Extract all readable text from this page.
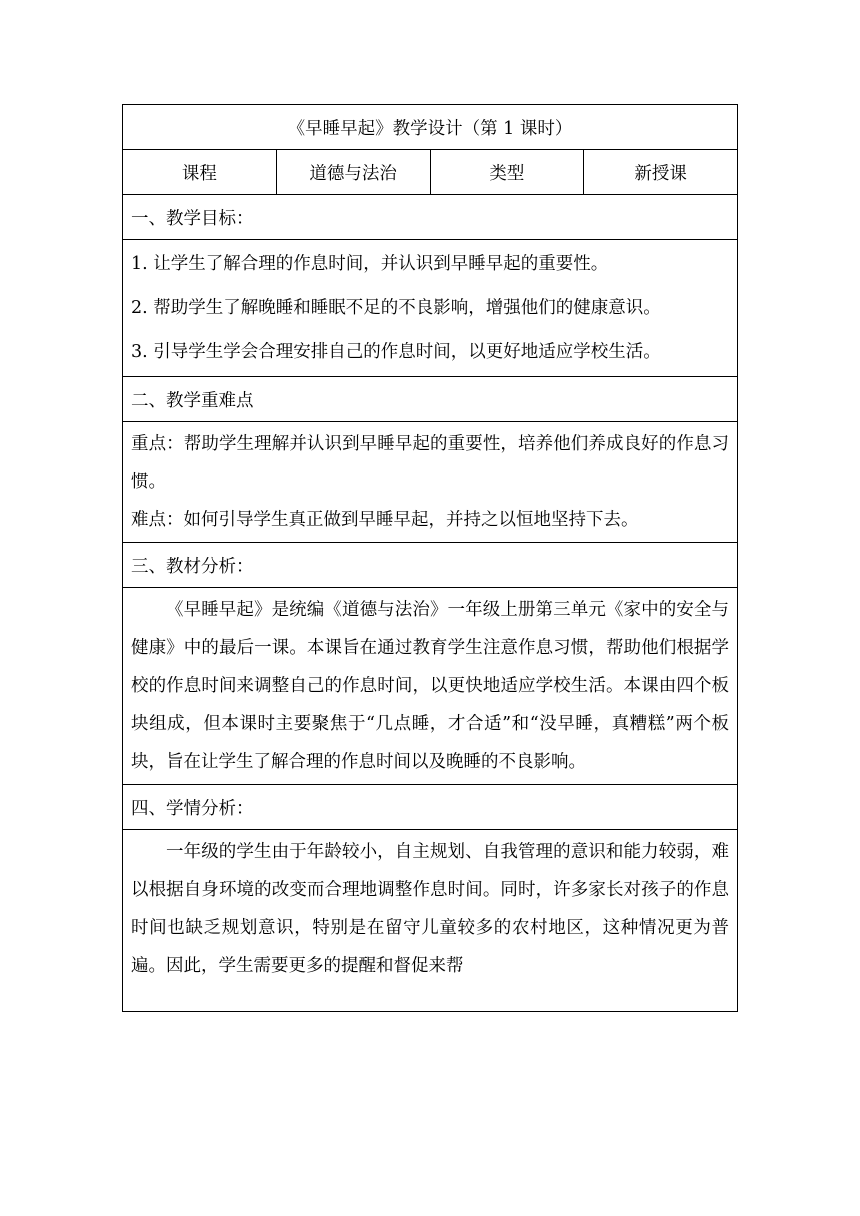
《早睡早起》教学设计（第 1 课时）
课程	道德与法治	类型	新授课
一、教学目标：

1. 让学生了解合理的作息时间，并认识到早睡早起的重要性。

2. 帮助学生了解晚睡和睡眠不足的不良影响，增强他们的健康意识。

3. 引导学生学会合理安排自己的作息时间，以更好地适应学校生活。

二、教学重难点

重点：帮助学生理解并认识到早睡早起的重要性，培养他们养成良好的作息习惯。

难点：如何引导学生真正做到早睡早起，并持之以恒地坚持下去。

三、教材分析：

《早睡早起》是统编《道德与法治》一年级上册第三单元《家中的安全与健康》中的最后一课。本课旨在通过教育学生注意作息习惯，帮助他们根据学校的作息时间来调整自己的作息时间，以更快地适应学校生活。本课由四个板块组成，但本课时主要聚焦于“几点睡，才合适”和“没早睡，真糟糕”两个板块，旨在让学生了解合理的作息时间以及晚睡的不良影响。

四、学情分析：

一年级的学生由于年龄较小，自主规划、自我管理的意识和能力较弱，难以根据自身环境的改变而合理地调整作息时间。同时，许多家长对孩子的作息时间也缺乏规划意识，特别是在留守儿童较多的农村地区，这种情况更为普遍。因此，学生需要更多的提醒和督促来帮
